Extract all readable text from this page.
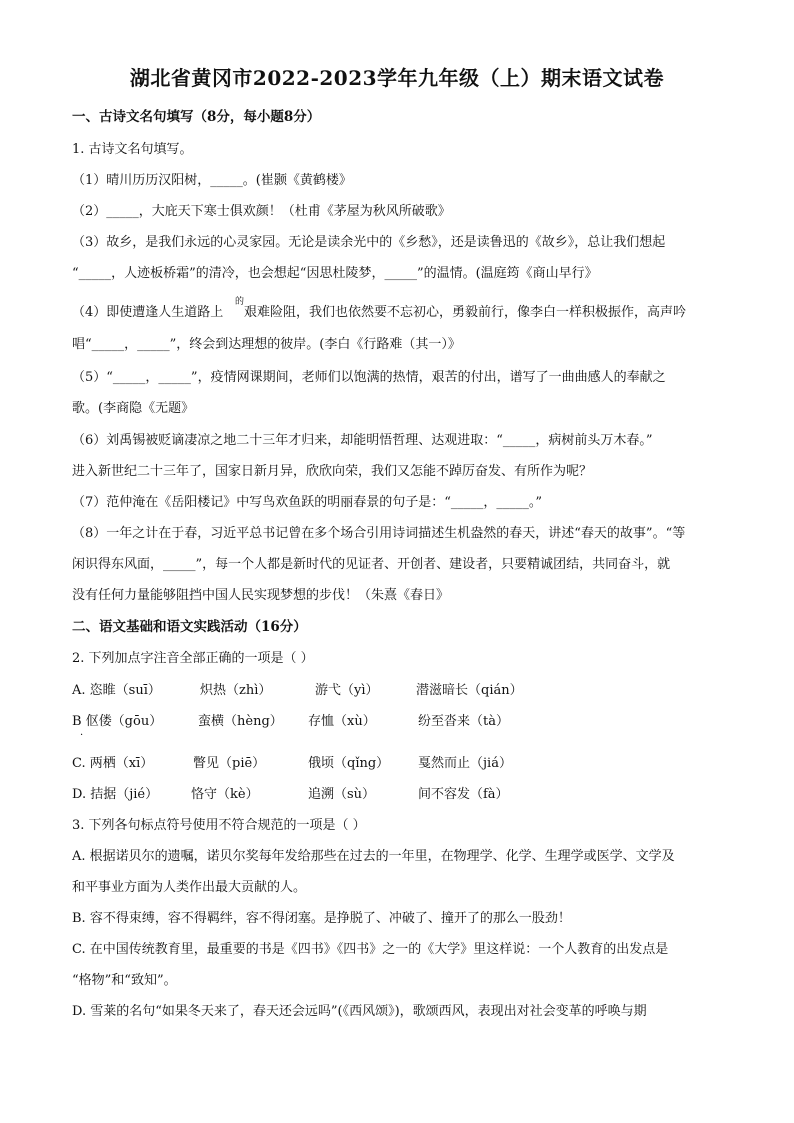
湖北省黄冈市2022-2023学年九年级（上）期末语文试卷
一、古诗文名句填写（8分，每小题8分）
1. 古诗文名句填写。
（1）晴川历历汉阳树，_____。(崔颢《黄鹤楼》
（2）_____，大庇天下寒士俱欢颜！（杜甫《茅屋为秋风所破歌》
（3）故乡，是我们永远的心灵家园。无论是读余光中的《乡愁》，还是读鲁迅的《故乡》，总让我们想起
“_____，人迹板桥霜”的清冷，也会想起“因思杜陵梦，_____”的温情。(温庭筠《商山早行》
（4）即使遭逢人生道路上
的
艰难险阻，我们也依然要不忘初心，勇毅前行，像李白一样积极振作，高声吟
唱“_____，_____”，终会到达理想的彼岸。(李白《行路难（其一）》
（5）“_____，_____”，疫情网课期间，老师们以饱满的热情，艰苦的付出，谱写了一曲曲感人的奉献之
歌。(李商隐《无题》
（6）刘禹锡被贬谪凄凉之地二十三年才归来，却能明悟哲理、达观进取：“_____，病树前头万木春。”
进入新世纪二十三年了，国家日新月异，欣欣向荣，我们又怎能不踔厉奋发、有所作为呢？
（7）范仲淹在《岳阳楼记》中写鸟欢鱼跃的明丽春景的句子是：“_____，_____。”
（8）一年之计在于春，习近平总书记曾在多个场合引用诗词描述生机盎然的春天，讲述“春天的故事”。“等
闲识得东风面，_____”，每一个人都是新时代的见证者、开创者、建设者，只要精诚团结，共同奋斗，就
没有任何力量能够阻挡中国人民实现梦想的步伐！（朱熹《春日》
二、语文基础和语文实践活动（16分）
2. 下列加点字注音全部正确的一项是（ ）
A. 恣睢（suī）	炽热（zhì）	游弋（yì）	潜滋暗长（qián）
B 伛偻（gōu）	蛮横（hèng） 存恤（xù）	纷至沓来（tà）
·
C. 两栖（xī）	瞥见（piē）	俄顷（qǐng） 戛然而止（jiá）
D. 拮据（jié）	恪守（kè）	追溯（sù）	间不容发（fà）
3. 下列各句标点符号使用不符合规范的一项是（ ）
A. 根据诺贝尔的遗嘱，诺贝尔奖每年发给那些在过去的一年里，在物理学、化学、生理学或医学、文学及
和平事业方面为人类作出最大贡献的人。
B. 容不得束缚，容不得羁绊，容不得闭塞。是挣脱了、冲破了、撞开了的那么一股劲！
C. 在中国传统教育里，最重要的书是《四书》《四书》之一的《大学》里这样说：一个人教育的出发点是
“格物”和“致知”。
D. 雪莱的名句“如果冬天来了，春天还会远吗”(《西风颂》)，歌颂西风，表现出对社会变革的呼唤与期
